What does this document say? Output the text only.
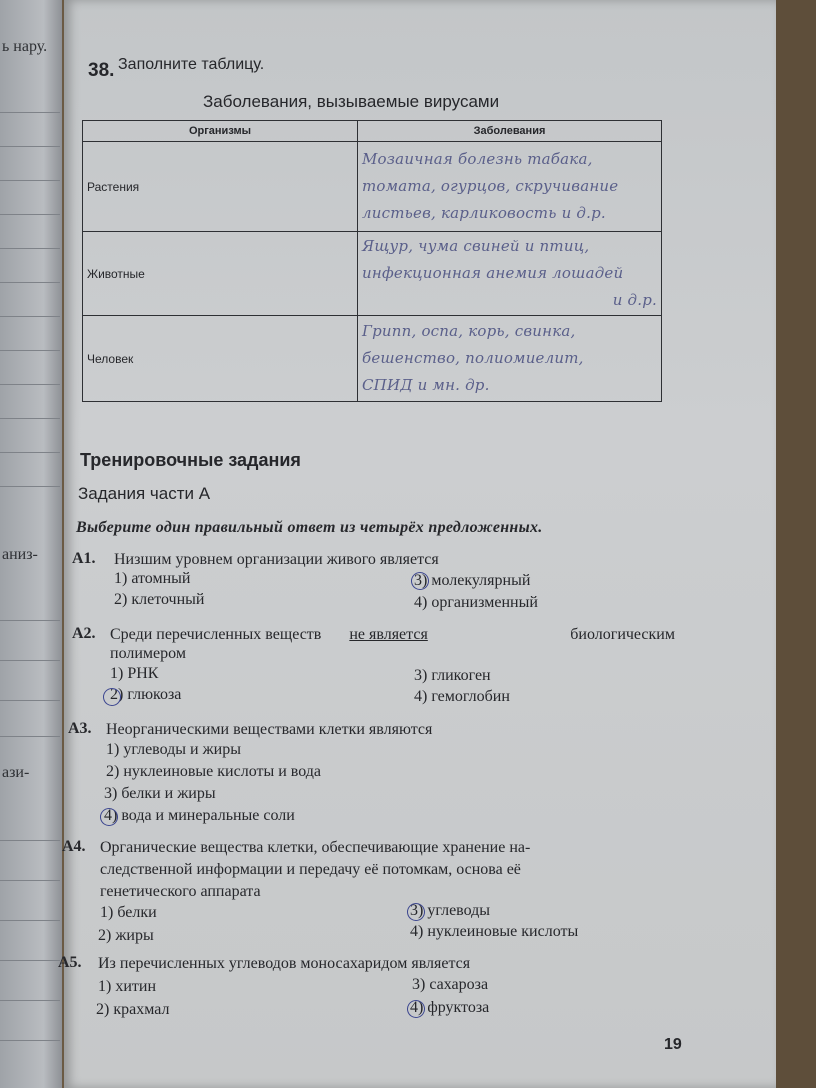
ь нару.
аниз-
ази-
38. Заполните таблицу.
Заболевания, вызываемые вирусами
Организмы	Заболевания
Растения	Мозаичная болезнь табака,
томата, огурцов, скручивание
листьев, карликовость и д.р.

Животные	Ящур, чума свиней и птиц,
инфекционная анемия лошадей
и д.р.

Человек	Грипп, оспа, корь, свинка,
бешенство, полиомиелит,
СПИД и мн. др.
Тренировочные задания
Задания части А
Выберите один правильный ответ из четырёх предложенных.
А1. Низшим уровнем организации живого является
1) атомный	3) молекулярный
2) клеточный	4) организменный
А2. Среди перечисленных веществ не является	биологическим
полимером
1) РНК	3) гликоген
2) глюкоза	4) гемоглобин
А3. Неорганическими веществами клетки являются
1) углеводы и жиры
2) нуклеиновые кислоты и вода
3) белки и жиры
4) вода и минеральные соли
А4. Органические вещества клетки, обеспечивающие хранение на-
следственной информации и передачу её потомкам, основа её
генетического аппарата
1) белки	3) углеводы
2) жиры	4) нуклеиновые кислоты
А5. Из перечисленных углеводов моносахаридом является
1) хитин	3) сахароза
2) крахмал	4) фруктоза
19
